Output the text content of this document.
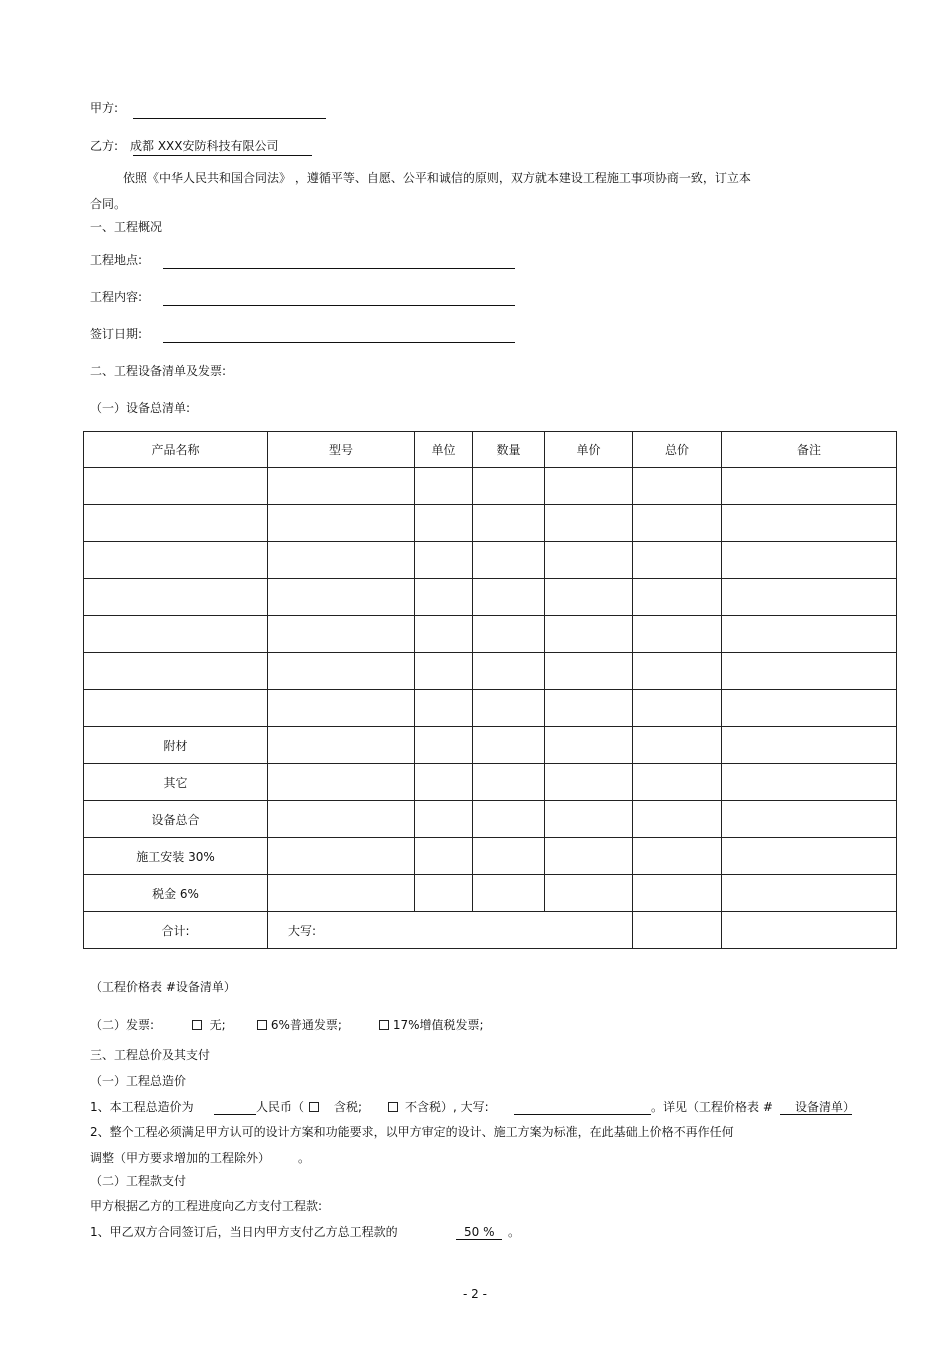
甲方:
乙方: 成都 XXX安防科技有限公司
依照《中华人民共和国合同法》 ，遵循平等、自愿、公平和诚信的原则，双方就本建设工程施工事项协商一致，订立本
合同。
一、工程概况
工程地点:
工程内容:
签订日期:
二、工程设备清单及发票:
（一）设备总清单:
产品名称	型号	单位	数量	单价	总价	备注

附材						
其它						
设备总合						
施工安装 30%						
税金 6%						
合计:	大写:					
（工程价格表 #设备清单）
（二）发票:	无;	6%普通发票;	17%增值税发票;
三、工程总价及其支付
（一）工程总造价
1、本工程总造价为	人民币（ 含税;	不含税）, 大写:	。详见（工程价格表 # 设备清单）
2、整个工程必须满足甲方认可的设计方案和功能要求，以甲方审定的设计、施工方案为标准，在此基础上价格不再作任何
调整（甲方要求增加的工程除外） 。
（二）工程款支付
甲方根据乙方的工程进度向乙方支付工程款:
1、甲乙双方合同签订后，当日内甲方支付乙方总工程款的	50 % 。
- 2 -
